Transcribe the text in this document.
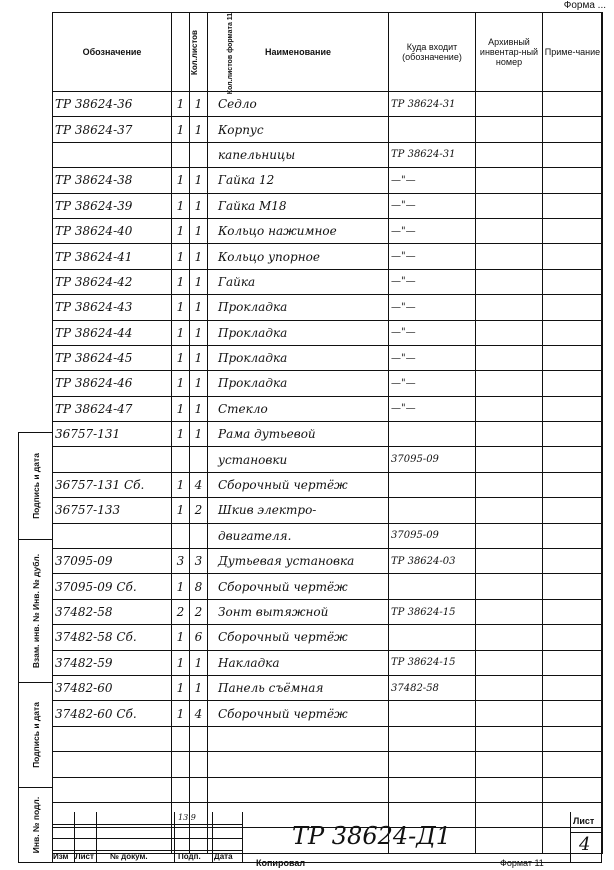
Форма ...
Подпись и дата
Взам. инв. № Инв. № дубл.
Подпись и дата
Инв. № подл.
Обозначение	Кол.листов	Кол.листов формата 11	Наименование	Куда входит (обозначение)	Архивный инвентар-ный номер	Приме-чание
ТР 38624-36	1	1	Седло	ТР 38624-31		
ТР 38624-37	1	1	Корпус			
			капельницы	ТР 38624-31		
ТР 38624-38	1	1	Гайка 12	—"—		
ТР 38624-39	1	1	Гайка М18	—"—		
ТР 38624-40	1	1	Кольцо нажимное	—"—		
ТР 38624-41	1	1	Кольцо упорное	—"—		
ТР 38624-42	1	1	Гайка	—"—		
ТР 38624-43	1	1	Прокладка	—"—		
ТР 38624-44	1	1	Прокладка	—"—		
ТР 38624-45	1	1	Прокладка	—"—		
ТР 38624-46	1	1	Прокладка	—"—		
ТР 38624-47	1	1	Стекло	—"—		
36757-131	1	1	Рама дутьевой			
			установки	37095-09		
36757-131 Сб.	1	4	Сборочный чертёж			
36757-133	1	2	Шкив электро-			
			двигателя.	37095-09		
37095-09	3	3	Дутьевая установка	ТР 38624-03		
37095-09 Сб.	1	8	Сборочный чертёж			
37482-58	2	2	Зонт вытяжной	ТР 38624-15		
37482-58 Сб.	1	6	Сборочный чертёж			
37482-59	1	1	Накладка	ТР 38624-15		
37482-60	1	1	Панель съёмная	37482-58		
37482-60 Сб.	1	4	Сборочный чертёж			

13.9
Изм Лист № докум.	Подп. Дата
ТР 38624-Д1
Лист
4
Копировал	Формат 11
